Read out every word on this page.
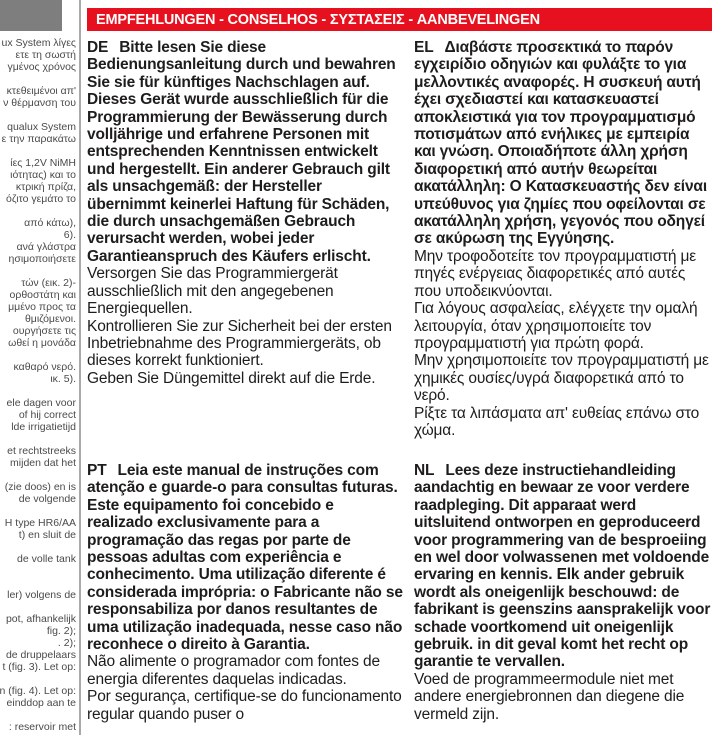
ux System λίγες
ετε τη σωστή
γμένος χρόνος

κτεθειμένοι απ'
ν θέρμανση του

qualux System
ε την παρακάτω

ίες 1,2V NiMH
ιότητας) και το
κτρική πρίζα,
όζιτο γεμάτο το

από κάτω),
6).
ανά γλάστρα
ησιμοποιήσετε

τών (εικ. 2)-
ορθοστάτη και
μμένο προς τα
θμιζόμενοι.
ουργήσετε τις
ωθεί η μονάδα

καθαρό νερό.
ικ. 5).

ele dagen voor
of hij correct
lde irrigatietijd

et rechtstreeks
mijden dat het

(zie doos) en is
de volgende

H type HR6/AA
t) en sluit de

de volle tank

ler) volgens de

pot, afhankelijk
fig. 2);
. 2);
de druppelaars
t (fig. 3). Let op:

n (fig. 4). Let op:
einddop aan te

: reservoir met
EMPFEHLUNGEN - CONSELHOS - ΣΥΣΤΑΣΕΙΣ - AANBEVELINGEN

DE Bitte lesen Sie diese Bedienungsanleitung durch und bewahren Sie sie für künftiges Nachschlagen auf. Dieses Gerät wurde ausschließlich für die Programmierung der Bewässerung durch volljährige und erfahrene Personen mit entsprechenden Kenntnissen entwickelt und hergestellt. Ein anderer Gebrauch gilt als unsachgemäß: der Hersteller übernimmt keinerlei Haftung für Schäden, die durch unsachgemäßen Gebrauch verursacht werden, wobei jeder Garantieanspruch des Käufers erlischt.

Versorgen Sie das Programmiergerät ausschließlich mit den angegebenen Energiequellen.

Kontrollieren Sie zur Sicherheit bei der ersten Inbetriebnahme des Programmiergeräts, ob dieses korrekt funktioniert.

Geben Sie Düngemittel direkt auf die Erde.

EL Διαβάστε προσεκτικά το παρόν εγχειρίδιο οδηγιών και φυλάξτε το για μελλοντικές αναφορές. Η συσκευή αυτή έχει σχεδιαστεί και κατασκευαστεί αποκλειστικά για τον προγραμματισμό ποτισμάτων από ενήλικες με εμπειρία και γνώση. Οποιαδήποτε άλλη χρήση διαφορετική από αυτήν θεωρείται ακατάλληλη: Ο Κατασκευαστής δεν είναι υπεύθυνος για ζημίες που οφείλονται σε ακατάλληλη χρήση, γεγονός που οδηγεί σε ακύρωση της Εγγύησης.

Μην τροφοδοτείτε τον προγραμματιστή με πηγές ενέργειας διαφορετικές από αυτές που υποδεικνύονται.

Για λόγους ασφαλείας, ελέγχετε την ομαλή λειτουργία, όταν χρησιμοποιείτε τον προγραμματιστή για πρώτη φορά.

Μην χρησιμοποιείτε τον προγραμματιστή με χημικές ουσίες/υγρά διαφορετικά από το νερό.

Ρίξτε τα λιπάσματα απ' ευθείας επάνω στο χώμα.

PT Leia este manual de instruções com atenção e guarde-o para consultas futuras. Este equipamento foi concebido e realizado exclusivamente para a programação das regas por parte de pessoas adultas com experiência e conhecimento. Uma utilização diferente é considerada imprópria: o Fabricante não se responsabiliza por danos resultantes de uma utilização inadequada, nesse caso não reconhece o direito à Garantia.

Não alimente o programador com fontes de energia diferentes daquelas indicadas.

Por segurança, certifique-se do funcionamento regular quando puser o

NL Lees deze instructiehandleiding aandachtig en bewaar ze voor verdere raadpleging. Dit apparaat werd uitsluitend ontworpen en geproduceerd voor programmering van de besproeiing en wel door volwassenen met voldoende ervaring en kennis. Elk ander gebruik wordt als oneigenlijk beschouwd: de fabrikant is geenszins aansprakelijk voor schade voortkomend uit oneigenlijk gebruik. in dit geval komt het recht op garantie te vervallen.

Voed de programmeermodule niet met andere energiebronnen dan diegene die vermeld zijn.
